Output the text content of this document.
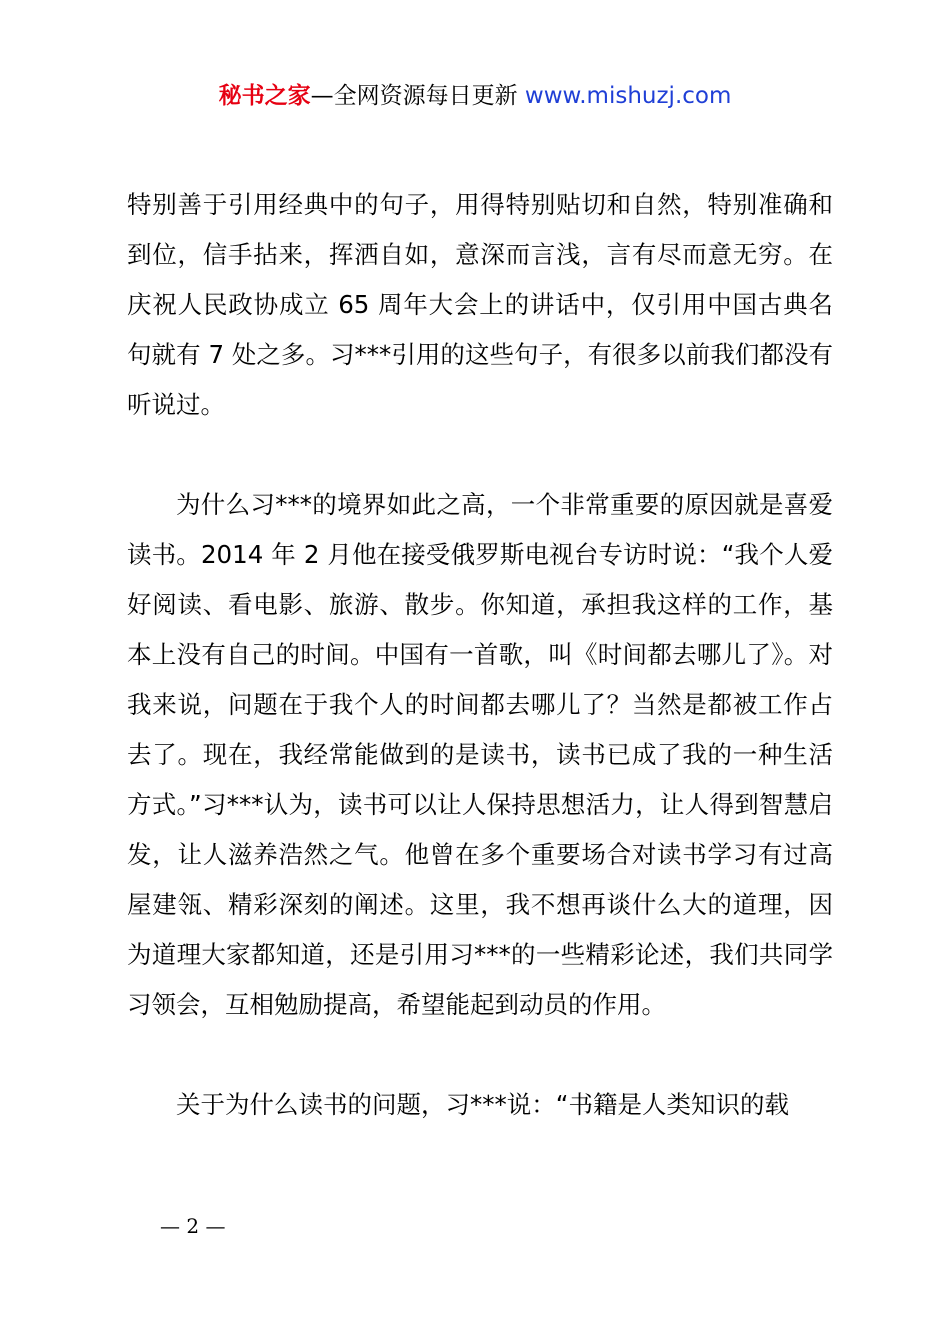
秘书之家—全网资源每日更新 www.mishuzj.com

特别善于引用经典中的句子，用得特别贴切和自然，特别准确和到位，信手拈来，挥洒自如，意深而言浅，言有尽而意无穷。在庆祝人民政协成立 65 周年大会上的讲话中，仅引用中国古典名句就有 7 处之多。习***引用的这些句子，有很多以前我们都没有听说过。

为什么习***的境界如此之高，一个非常重要的原因就是喜爱读书。2014 年 2 月他在接受俄罗斯电视台专访时说：“我个人爱好阅读、看电影、旅游、散步。你知道，承担我这样的工作，基本上没有自己的时间。中国有一首歌，叫《时间都去哪儿了》。对我来说，问题在于我个人的时间都去哪儿了？当然是都被工作占去了。现在，我经常能做到的是读书，读书已成了我的一种生活方式。”习***认为，读书可以让人保持思想活力，让人得到智慧启发，让人滋养浩然之气。他曾在多个重要场合对读书学习有过高屋建瓴、精彩深刻的阐述。这里，我不想再谈什么大的道理，因为道理大家都知道，还是引用习***的一些精彩论述，我们共同学习领会，互相勉励提高，希望能起到动员的作用。

关于为什么读书的问题，习***说：“书籍是人类知识的载

— 2 —
